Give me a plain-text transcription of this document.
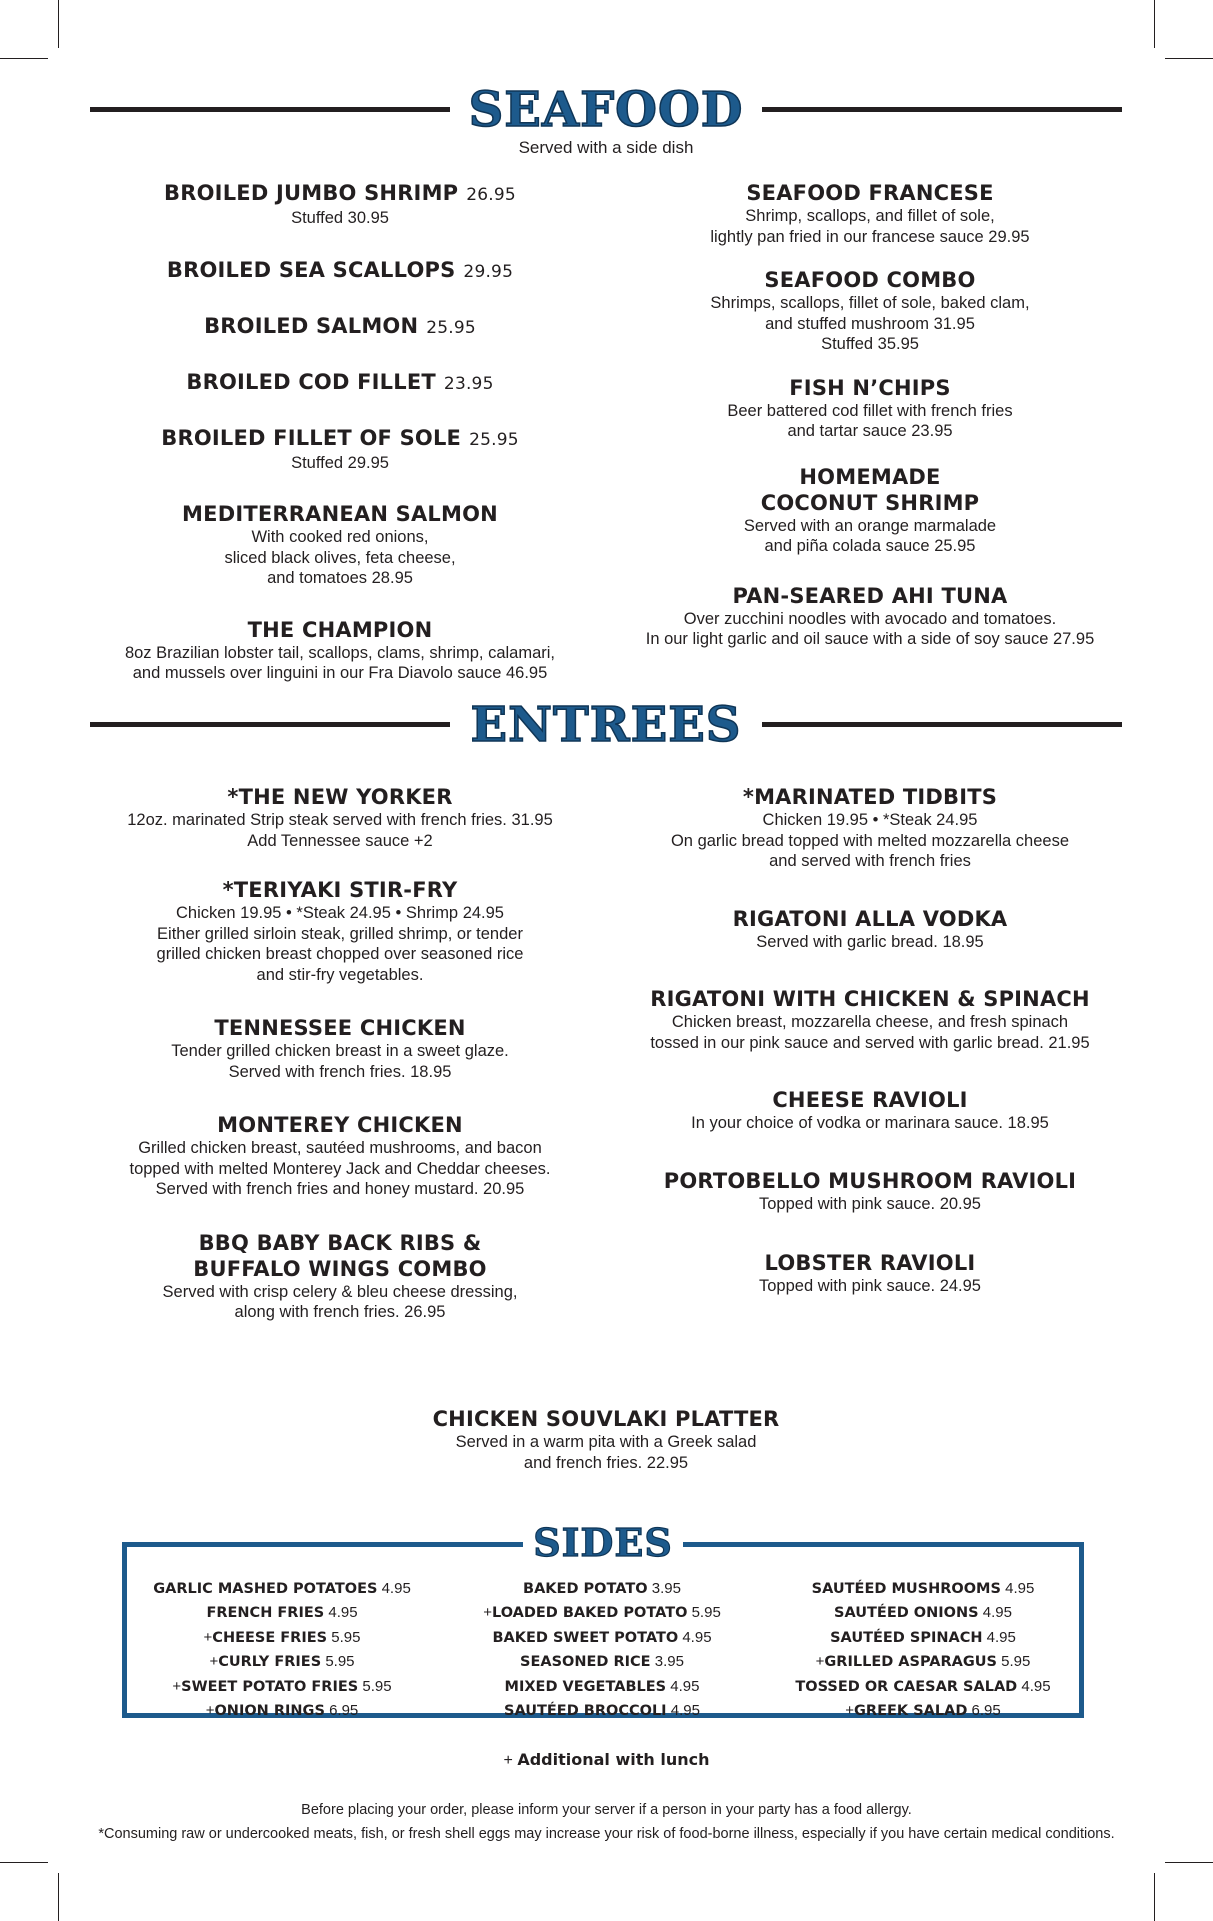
SEAFOOD
Served with a side dish
BROILED JUMBO SHRIMP 26.95
Stuffed 30.95
BROILED SEA SCALLOPS 29.95
BROILED SALMON 25.95
BROILED COD FILLET 23.95
BROILED FILLET OF SOLE 25.95
Stuffed 29.95
MEDITERRANEAN SALMON
With cooked red onions,
sliced black olives, feta cheese,
and tomatoes 28.95
THE CHAMPION
8oz Brazilian lobster tail, scallops, clams, shrimp, calamari,
and mussels over linguini in our Fra Diavolo sauce 46.95
SEAFOOD FRANCESE
Shrimp, scallops, and fillet of sole,
lightly pan fried in our francese sauce 29.95
SEAFOOD COMBO
Shrimps, scallops, fillet of sole, baked clam,
and stuffed mushroom 31.95
Stuffed 35.95
FISH N’CHIPS
Beer battered cod fillet with french fries
and tartar sauce 23.95
HOMEMADE
COCONUT SHRIMP
Served with an orange marmalade
and piña colada sauce 25.95
PAN-SEARED AHI TUNA
Over zucchini noodles with avocado and tomatoes.
In our light garlic and oil sauce with a side of soy sauce 27.95
ENTREES
*THE NEW YORKER
12oz. marinated Strip steak served with french fries. 31.95
Add Tennessee sauce +2
*TERIYAKI STIR-FRY
Chicken 19.95 • *Steak 24.95 • Shrimp 24.95
Either grilled sirloin steak, grilled shrimp, or tender
grilled chicken breast chopped over seasoned rice
and stir-fry vegetables.
TENNESSEE CHICKEN
Tender grilled chicken breast in a sweet glaze.
Served with french fries. 18.95
MONTEREY CHICKEN
Grilled chicken breast, sautéed mushrooms, and bacon
topped with melted Monterey Jack and Cheddar cheeses.
Served with french fries and honey mustard. 20.95
BBQ BABY BACK RIBS &
BUFFALO WINGS COMBO
Served with crisp celery & bleu cheese dressing,
along with french fries. 26.95
*MARINATED TIDBITS
Chicken 19.95 • *Steak 24.95
On garlic bread topped with melted mozzarella cheese
and served with french fries
RIGATONI ALLA VODKA
Served with garlic bread. 18.95
RIGATONI WITH CHICKEN & SPINACH
Chicken breast, mozzarella cheese, and fresh spinach
tossed in our pink sauce and served with garlic bread. 21.95
CHEESE RAVIOLI
In your choice of vodka or marinara sauce. 18.95
PORTOBELLO MUSHROOM RAVIOLI
Topped with pink sauce. 20.95
LOBSTER RAVIOLI
Topped with pink sauce. 24.95
CHICKEN SOUVLAKI PLATTER
Served in a warm pita with a Greek salad
and french fries. 22.95
SIDES
GARLIC MASHED POTATOES 4.95
FRENCH FRIES 4.95
+CHEESE FRIES 5.95
+CURLY FRIES 5.95
+SWEET POTATO FRIES 5.95
+ONION RINGS 6.95
BAKED POTATO 3.95
+LOADED BAKED POTATO 5.95
BAKED SWEET POTATO 4.95
SEASONED RICE 3.95
MIXED VEGETABLES 4.95
SAUTÉED BROCCOLI 4.95
SAUTÉED MUSHROOMS 4.95
SAUTÉED ONIONS 4.95
SAUTÉED SPINACH 4.95
+GRILLED ASPARAGUS 5.95
TOSSED OR CAESAR SALAD 4.95
+GREEK SALAD 6.95
+ Additional with lunch
Before placing your order, please inform your server if a person in your party has a food allergy.
*Consuming raw or undercooked meats, fish, or fresh shell eggs may increase your risk of food-borne illness, especially if you have certain medical conditions.
